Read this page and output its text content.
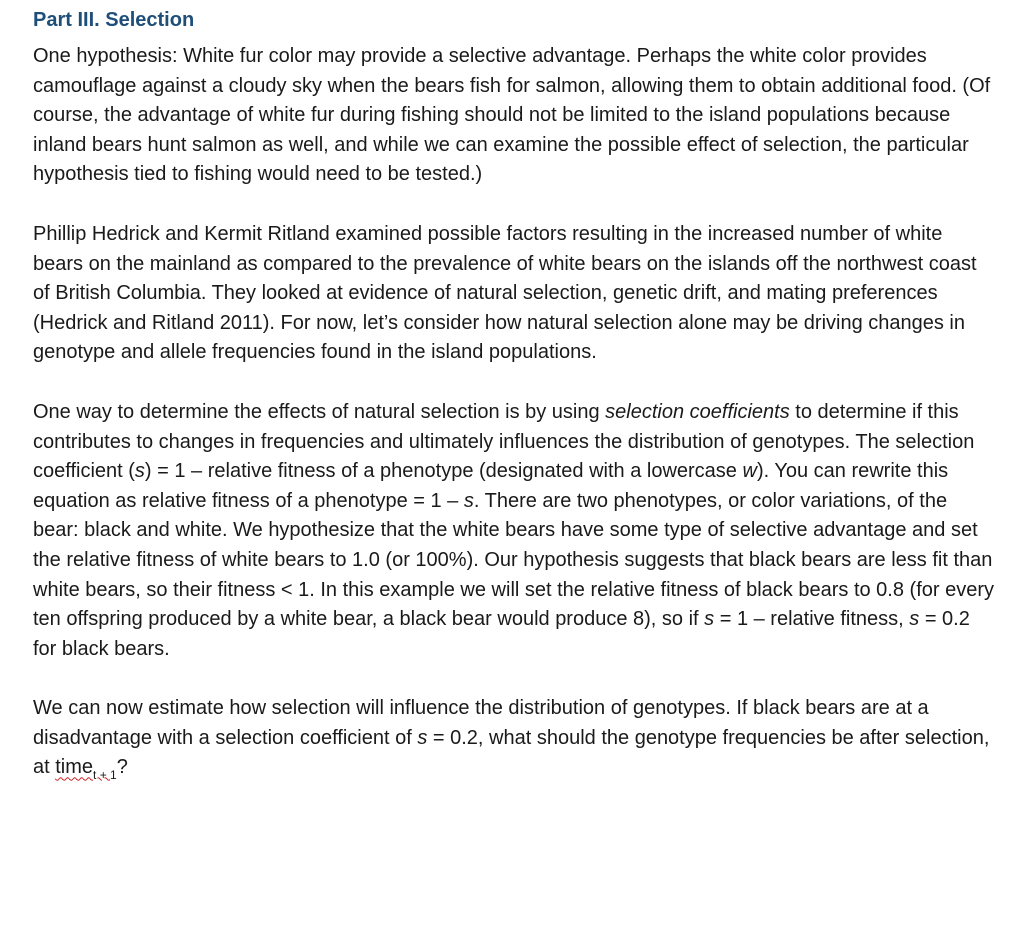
Part III. Selection

One hypothesis: White fur color may provide a selective advantage. Perhaps the white color provides camouflage against a cloudy sky when the bears fish for salmon, allowing them to obtain additional food. (Of course, the advantage of white fur during fishing should not be limited to the island populations because inland bears hunt salmon as well, and while we can examine the possible effect of selection, the particular hypothesis tied to fishing would need to be tested.)

Phillip Hedrick and Kermit Ritland examined possible factors resulting in the increased number of white bears on the mainland as compared to the prevalence of white bears on the islands off the northwest coast of British Columbia. They looked at evidence of natural selection, genetic drift, and mating preferences (Hedrick and Ritland 2011). For now, let’s consider how natural selection alone may be driving changes in genotype and allele frequencies found in the island populations.

One way to determine the effects of natural selection is by using selection coefficients to determine if this contributes to changes in frequencies and ultimately influences the distribution of genotypes. The selection coefficient (s) = 1 – relative fitness of a phenotype (designated with a lowercase w). You can rewrite this equation as relative fitness of a phenotype = 1 – s. There are two phenotypes, or color variations, of the bear: black and white. We hypothesize that the white bears have some type of selective advantage and set the relative fitness of white bears to 1.0 (or 100%). Our hypothesis suggests that black bears are less fit than white bears, so their fitness < 1. In this example we will set the relative fitness of black bears to 0.8 (for every ten offspring produced by a white bear, a black bear would produce 8), so if s = 1 – relative fitness, s = 0.2 for black bears.

We can now estimate how selection will influence the distribution of genotypes. If black bears are at a disadvantage with a selection coefficient of s = 0.2, what should the genotype frequencies be after selection, at time$_{t + 1}$?
